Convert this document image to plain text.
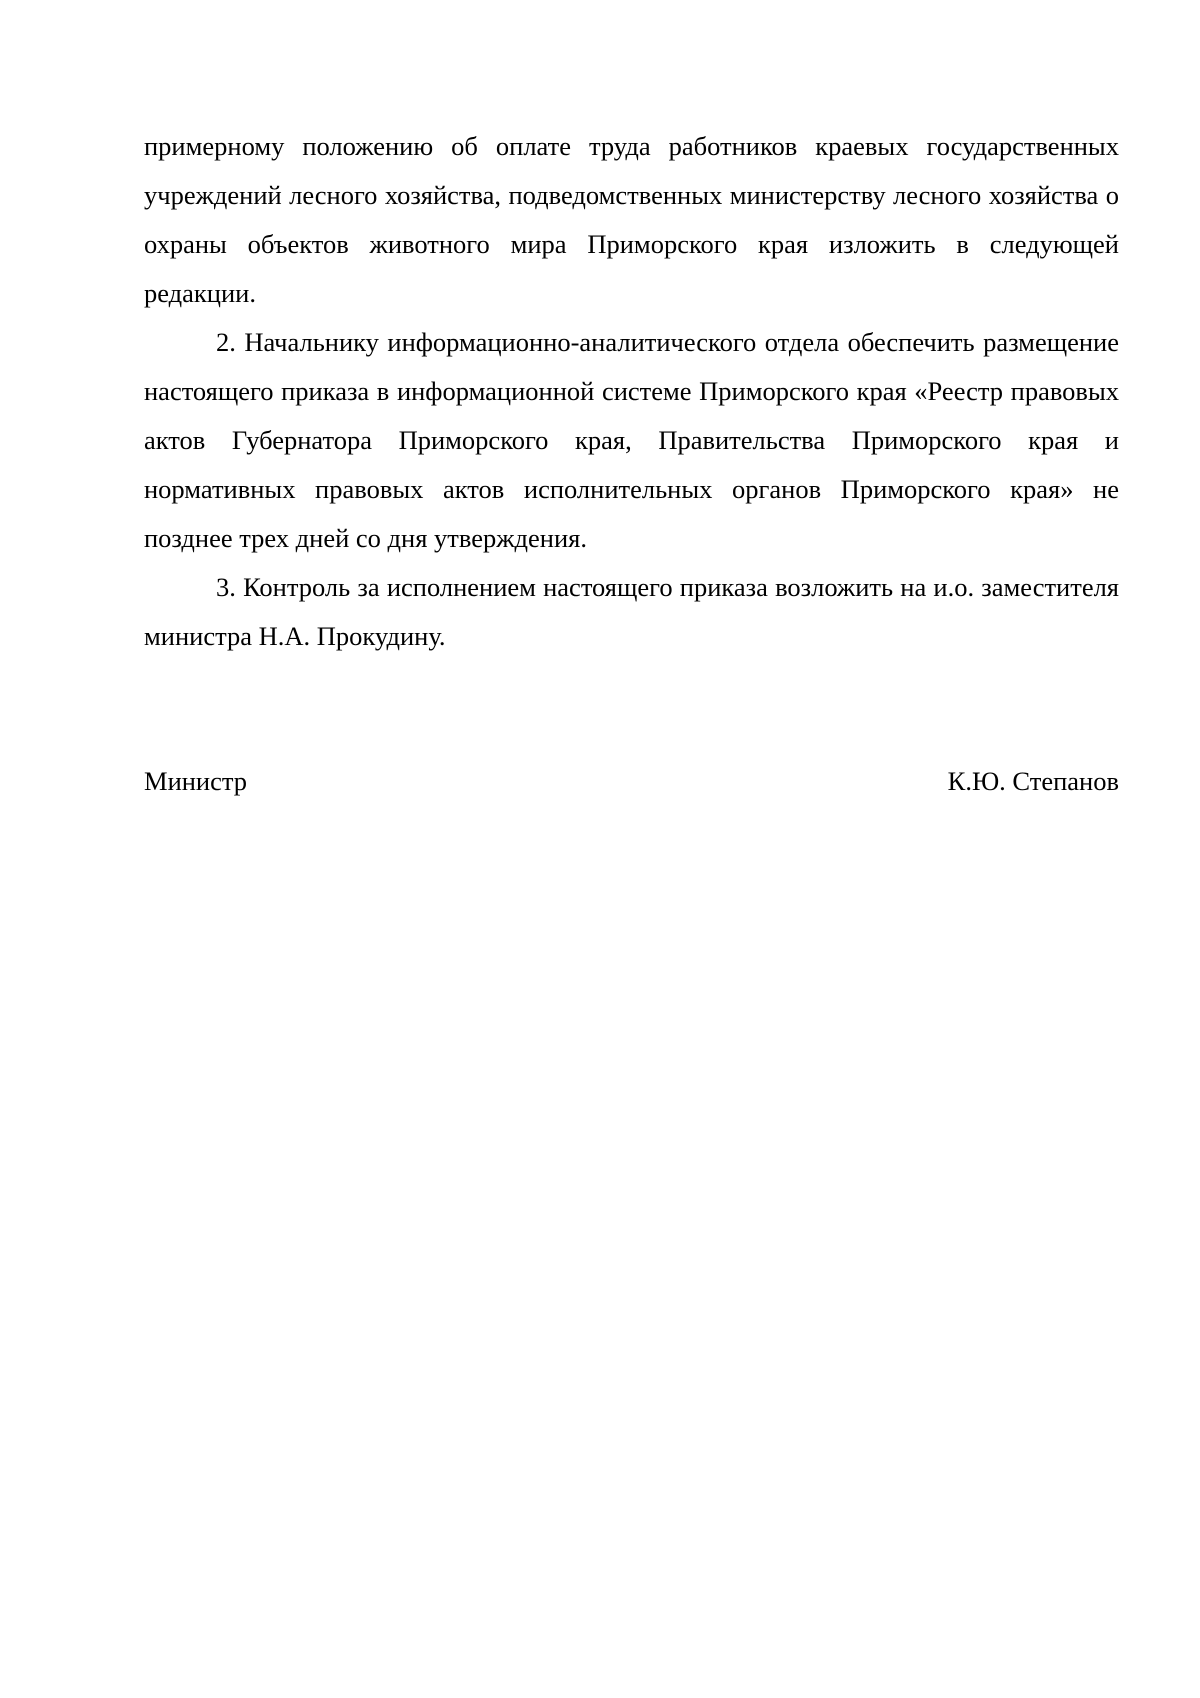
примерному положению об оплате труда работников краевых государственных учреждений лесного хозяйства, подведомственных министерству лесного хозяйства о охраны объектов животного мира Приморского края изложить в следующей редакции.

2. Начальнику информационно-аналитического отдела обеспечить размещение настоящего приказа в информационной системе Приморского края «Реестр правовых актов Губернатора Приморского края, Правительства Приморского края и нормативных правовых актов исполнительных органов Приморского края» не позднее трех дней со дня утверждения.

3. Контроль за исполнением настоящего приказа возложить на и.о. заместителя министра Н.А. Прокудину.

Министр	К.Ю. Степанов
